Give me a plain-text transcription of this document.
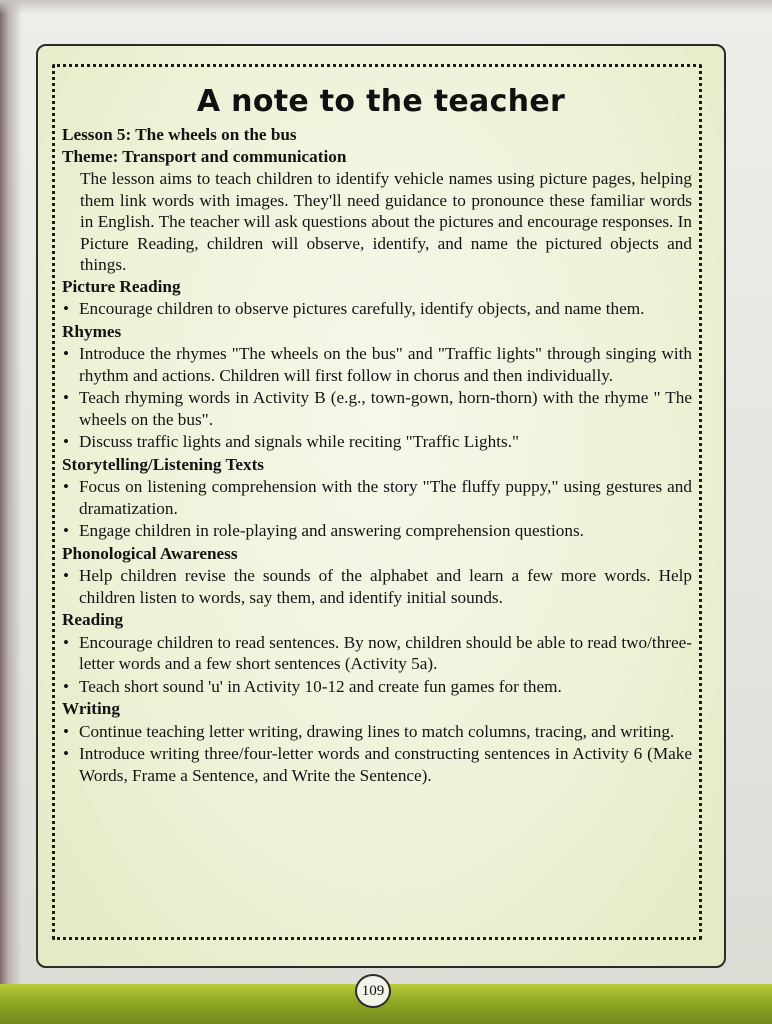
A note to the teacher
Lesson 5: The wheels on the bus
Theme: Transport and communication

The lesson aims to teach children to identify vehicle names using picture pages, helping them link words with images. They'll need guidance to pronounce these familiar words in English. The teacher will ask questions about the pictures and encourage responses. In Picture Reading, children will observe, identify, and name the pictured objects and things.

Picture Reading
• Encourage children to observe pictures carefully, identify objects, and name them.
Rhymes
• Introduce the rhymes "The wheels on the bus" and "Traffic lights" through singing with rhythm and actions. Children will first follow in chorus and then individually.
• Teach rhyming words in Activity B (e.g., town-gown, horn-thorn) with the rhyme " The wheels on the bus".
• Discuss traffic lights and signals while reciting "Traffic Lights."
Storytelling/Listening Texts
• Focus on listening comprehension with the story "The fluffy puppy," using gestures and dramatization.
• Engage children in role-playing and answering comprehension questions.
Phonological Awareness
• Help children revise the sounds of the alphabet and learn a few more words. Help children listen to words, say them, and identify initial sounds.
Reading
• Encourage children to read sentences. By now, children should be able to read two/three-letter words and a few short sentences (Activity 5a).
• Teach short sound 'u' in Activity 10-12 and create fun games for them.
Writing
• Continue teaching letter writing, drawing lines to match columns, tracing, and writing.
• Introduce writing three/four-letter words and constructing sentences in Activity 6 (Make Words, Frame a Sentence, and Write the Sentence).
109
